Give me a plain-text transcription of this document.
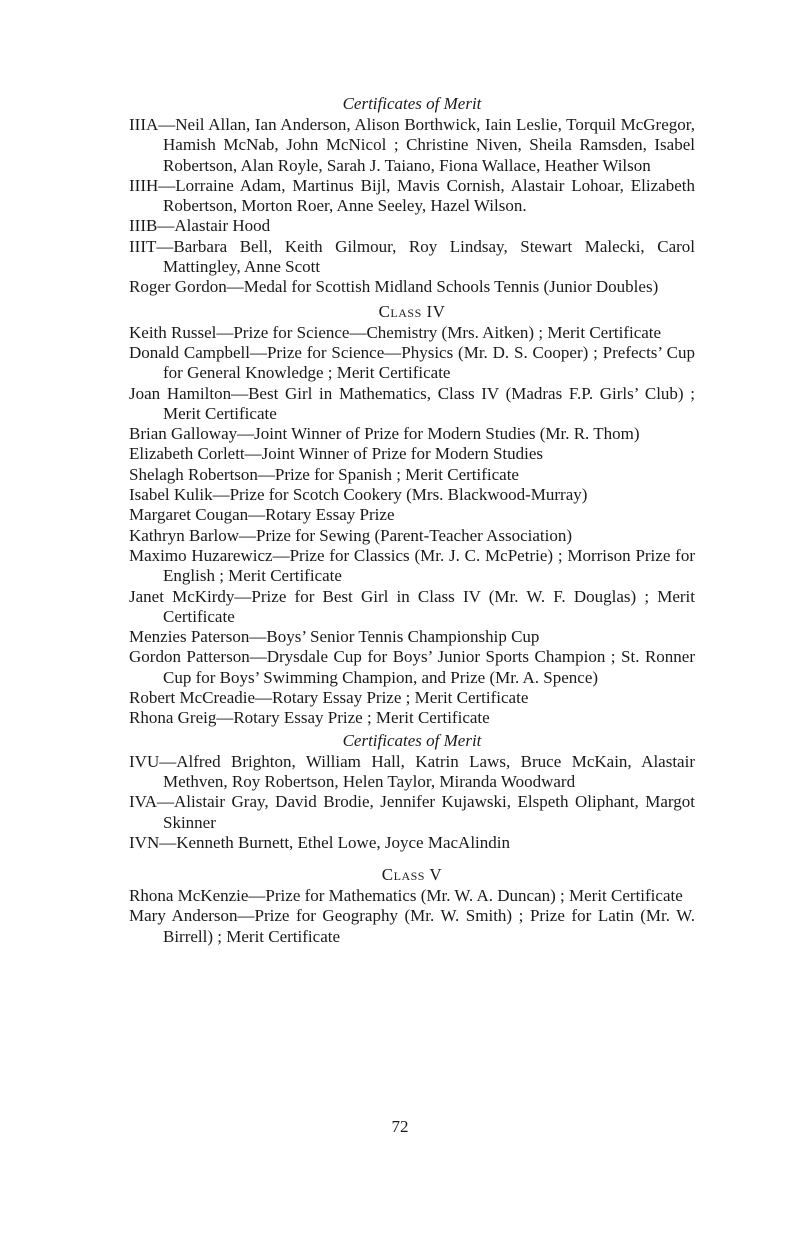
Certificates of Merit

IIIA—Neil Allan, Ian Anderson, Alison Borthwick, Iain Leslie, Torquil McGregor, Hamish McNab, John McNicol ; Christine Niven, Sheila Ramsden, Isabel Robertson, Alan Royle, Sarah J. Taiano, Fiona Wallace, Heather Wilson

IIIH—Lorraine Adam, Martinus Bijl, Mavis Cornish, Alastair Lohoar, Elizabeth Robertson, Morton Roer, Anne Seeley, Hazel Wilson.

IIIB—Alastair Hood

IIIT—Barbara Bell, Keith Gilmour, Roy Lindsay, Stewart Malecki, Carol Mattingley, Anne Scott

Roger Gordon—Medal for Scottish Midland Schools Tennis (Junior Doubles)

Class IV

Keith Russel—Prize for Science—Chemistry (Mrs. Aitken) ; Merit Certificate

Donald Campbell—Prize for Science—Physics (Mr. D. S. Cooper) ; Prefects’ Cup for General Knowledge ; Merit Certificate

Joan Hamilton—Best Girl in Mathematics, Class IV (Madras F.P. Girls’ Club) ; Merit Certificate

Brian Galloway—Joint Winner of Prize for Modern Studies (Mr. R. Thom)

Elizabeth Corlett—Joint Winner of Prize for Modern Studies

Shelagh Robertson—Prize for Spanish ; Merit Certificate

Isabel Kulik—Prize for Scotch Cookery (Mrs. Blackwood-Murray)

Margaret Cougan—Rotary Essay Prize

Kathryn Barlow—Prize for Sewing (Parent-Teacher Association)

Maximo Huzarewicz—Prize for Classics (Mr. J. C. McPetrie) ; Morrison Prize for English ; Merit Certificate

Janet McKirdy—Prize for Best Girl in Class IV (Mr. W. F. Douglas) ; Merit Certificate

Menzies Paterson—Boys’ Senior Tennis Championship Cup

Gordon Patterson—Drysdale Cup for Boys’ Junior Sports Champion ; St. Ronner Cup for Boys’ Swimming Champion, and Prize (Mr. A. Spence)

Robert McCreadie—Rotary Essay Prize ; Merit Certificate

Rhona Greig—Rotary Essay Prize ; Merit Certificate

Certificates of Merit

IVU—Alfred Brighton, William Hall, Katrin Laws, Bruce McKain, Alastair Methven, Roy Robertson, Helen Taylor, Miranda Woodward

IVA—Alistair Gray, David Brodie, Jennifer Kujawski, Elspeth Oliphant, Margot Skinner

IVN—Kenneth Burnett, Ethel Lowe, Joyce MacAlindin

Class V

Rhona McKenzie—Prize for Mathematics (Mr. W. A. Duncan) ; Merit Certificate

Mary Anderson—Prize for Geography (Mr. W. Smith) ; Prize for Latin (Mr. W. Birrell) ; Merit Certificate

72
